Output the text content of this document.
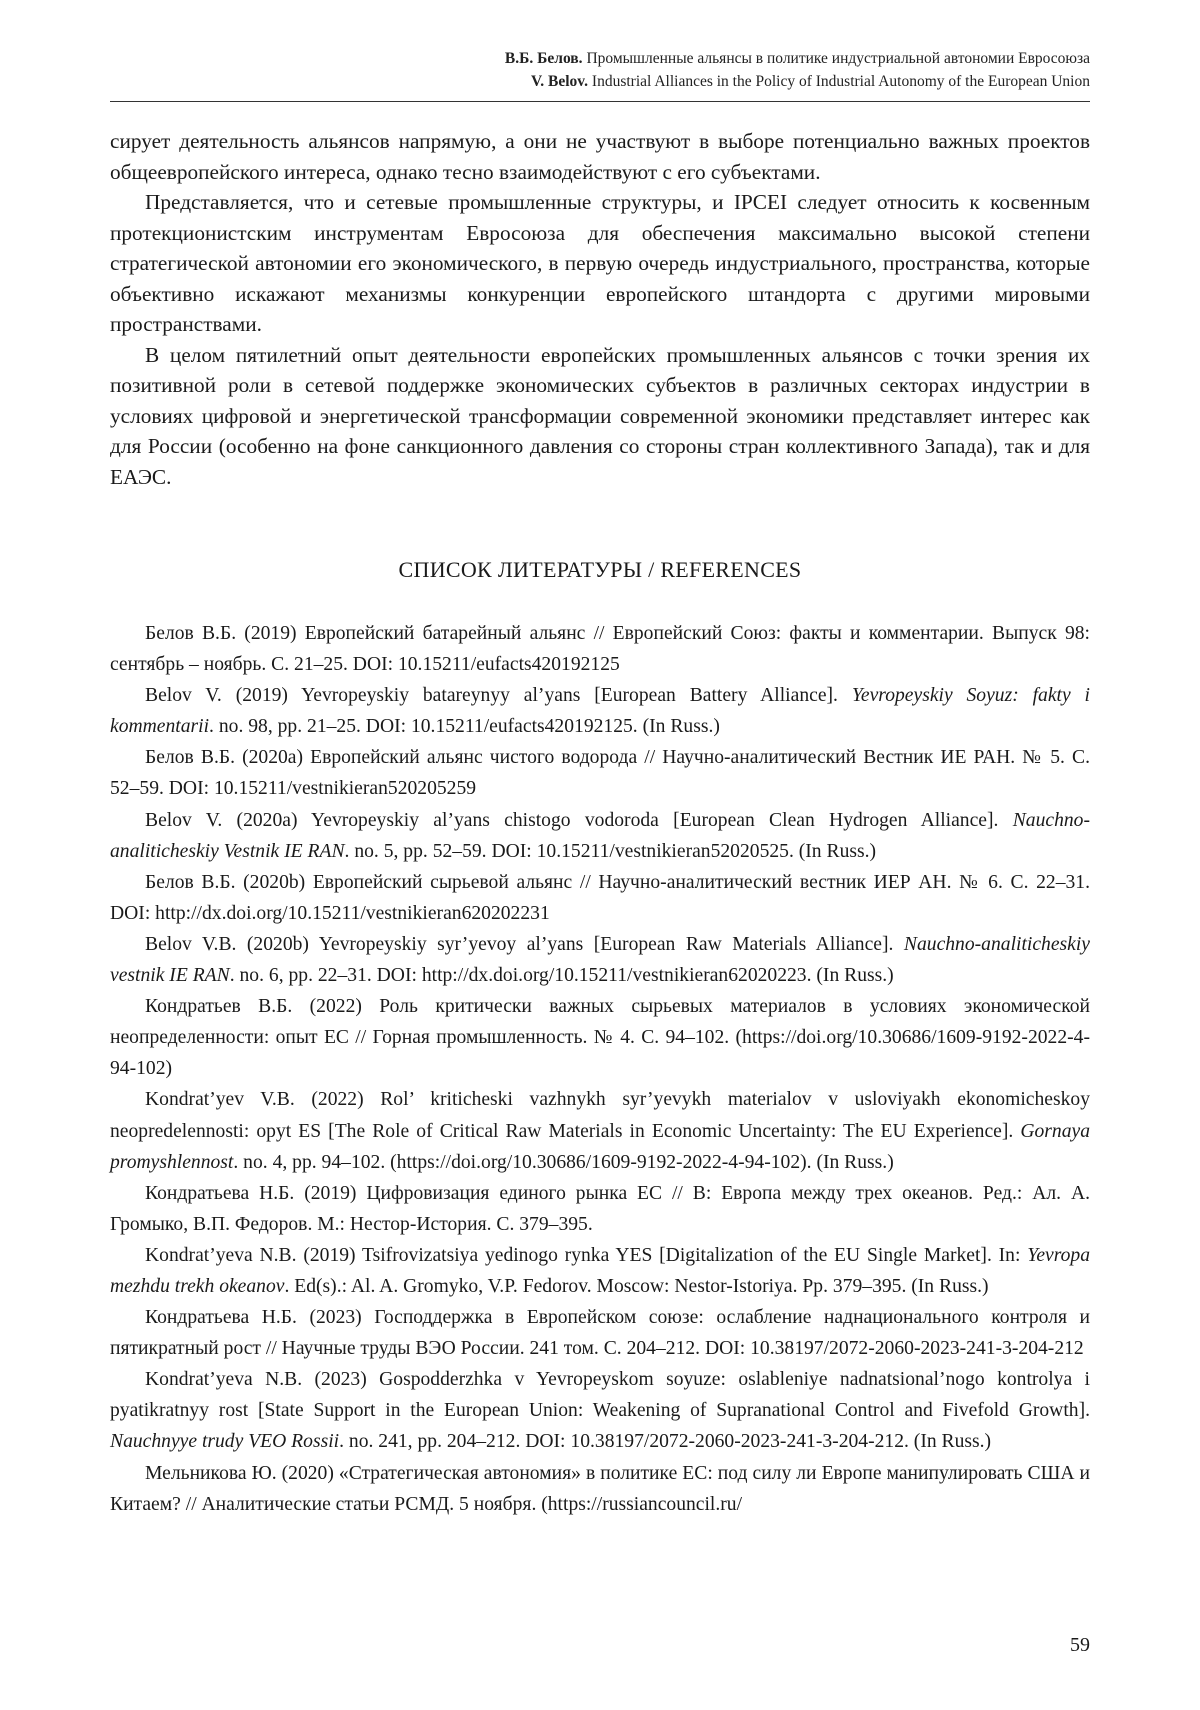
В.Б. Белов. Промышленные альянсы в политике индустриальной автономии Евросоюза
V. Belov. Industrial Alliances in the Policy of Industrial Autonomy of the European Union

сирует деятельность альянсов напрямую, а они не участвуют в выборе потенциально важных проектов общеевропейского интереса, однако тесно взаимодействуют с его субъектами.

Представляется, что и сетевые промышленные структуры, и IPCEI следует относить к косвенным протекционистским инструментам Евросоюза для обеспечения максимально высокой степени стратегической автономии его экономического, в первую очередь индустриального, пространства, которые объективно искажают механизмы конкуренции европейского штандорта с другими мировыми пространствами.

В целом пятилетний опыт деятельности европейских промышленных альянсов с точки зрения их позитивной роли в сетевой поддержке экономических субъектов в различных секторах индустрии в условиях цифровой и энергетической трансформации современной экономики представляет интерес как для России (особенно на фоне санкционного давления со стороны стран коллективного Запада), так и для ЕАЭС.

СПИСОК ЛИТЕРАТУРЫ / REFERENCES

Белов В.Б. (2019) Европейский батарейный альянс // Европейский Союз: факты и комментарии. Выпуск 98: сентябрь – ноябрь. С. 21–25. DOI: 10.15211/eufacts420192125

Belov V. (2019) Yevropeyskiy batareynyy al’yans [European Battery Alliance]. Yevropeyskiy Soyuz: fakty i kommentarii. no. 98, pp. 21–25. DOI: 10.15211/eufacts420192125. (In Russ.)

Белов В.Б. (2020а) Европейский альянс чистого водорода // Научно-аналитический Вестник ИЕ РАН. № 5. С. 52–59. DOI: 10.15211/vestnikieran520205259

Belov V. (2020a) Yevropeyskiy al’yans chistogo vodoroda [European Clean Hydrogen Alliance]. Nauchno-analiticheskiy Vestnik IE RAN. no. 5, pp. 52–59. DOI: 10.15211/vestnikieran52020525. (In Russ.)

Белов В.Б. (2020b) Европейский сырьевой альянс // Научно-аналитический вестник ИЕР АН. № 6. С. 22–31. DOI: http://dx.doi.org/10.15211/vestnikieran620202231

Belov V.B. (2020b) Yevropeyskiy syr’yevoy al’yans [European Raw Materials Alliance]. Nauchno-analiticheskiy vestnik IE RAN. no. 6, pp. 22–31. DOI: http://dx.doi.org/10.15211/vestnikieran62020223. (In Russ.)

Кондратьев В.Б. (2022) Роль критически важных сырьевых материалов в условиях экономической неопределенности: опыт ЕС // Горная промышленность. № 4. С. 94–102. (https://doi.org/10.30686/1609-9192-2022-4-94-102)

Kondrat’yev V.B. (2022) Rol’ kriticheski vazhnykh syr’yevykh materialov v usloviyakh ekonomicheskoy neopredelennosti: opyt ES [The Role of Critical Raw Materials in Economic Uncertainty: The EU Experience]. Gornaya promyshlennost. no. 4, pp. 94–102. (https://doi.org/10.30686/1609-9192-2022-4-94-102). (In Russ.)

Кондратьева Н.Б. (2019) Цифровизация единого рынка ЕС // В: Европа между трех океанов. Ред.: Ал. А. Громыко, В.П. Федоров. М.: Нестор-История. С. 379–395.

Kondrat’yeva N.B. (2019) Tsifrovizatsiya yedinogo rynka YES [Digitalization of the EU Single Market]. In: Yevropa mezhdu trekh okeanov. Ed(s).: Al. A. Gromyko, V.P. Fedorov. Moscow: Nestor-Istoriya. Pp. 379–395. (In Russ.)

Кондратьева Н.Б. (2023) Господдержка в Европейском союзе: ослабление наднационального контроля и пятикратный рост // Научные труды ВЭО России. 241 том. С. 204–212. DOI: 10.38197/2072-2060-2023-241-3-204-212

Kondrat’yeva N.B. (2023) Gospodderzhka v Yevropeyskom soyuze: oslableniye nadnatsional’nogo kontrolya i pyatikratnyy rost [State Support in the European Union: Weakening of Supranational Control and Fivefold Growth]. Nauchnyye trudy VEO Rossii. no. 241, pp. 204–212. DOI: 10.38197/2072-2060-2023-241-3-204-212. (In Russ.)

Мельникова Ю. (2020) «Стратегическая автономия» в политике ЕС: под силу ли Европе манипулировать США и Китаем? // Аналитические статьи РСМД. 5 ноября. (https://russiancouncil.ru/

59
